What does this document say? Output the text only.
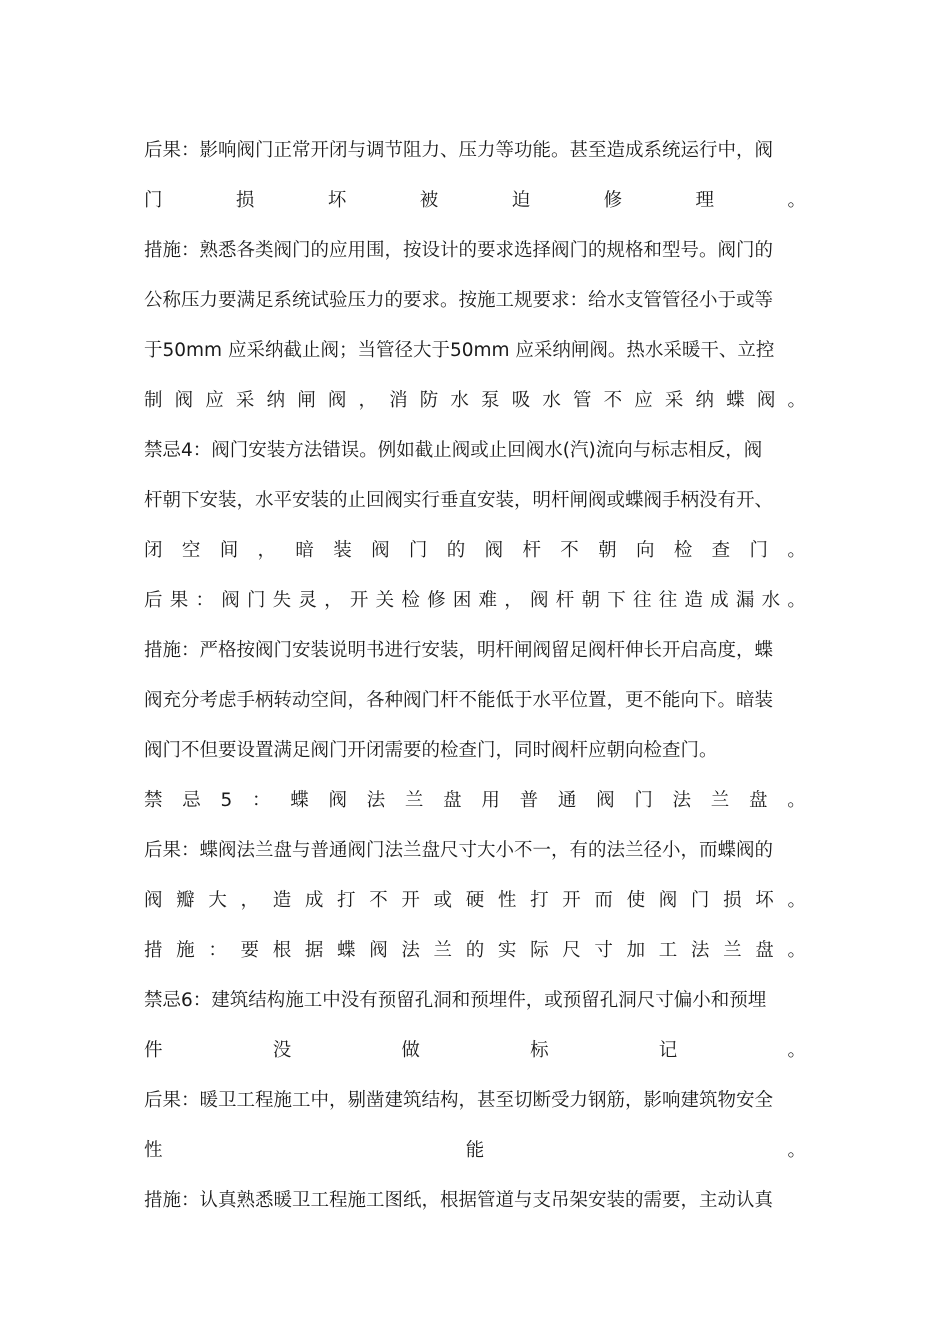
后果：影响阀门正常开闭与调节阻力、压力等功能。甚至造成系统运行中，阀
门	损	坏	被	迫	修	理	。
措施：熟悉各类阀门的应用围，按设计的要求选择阀门的规格和型号。阀门的
公称压力要满足系统试验压力的要求。按施工规要求：给水支管管径小于或等
于50mm 应采纳截止阀；当管径大于50mm 应采纳闸阀。热水采暖干、立控
制 阀 应 采 纳 闸 阀 ， 消 防 水 泵 吸 水 管 不 应 采 纳 蝶 阀 。
禁忌4：阀门安装方法错误。例如截止阀或止回阀水(汽)流向与标志相反，阀
杆朝下安装，水平安装的止回阀实行垂直安装，明杆闸阀或蝶阀手柄没有开、
闭 空 间 ， 暗 装 阀 门 的 阀 杆 不 朝 向 检 查 门 。
后 果 ： 阀 门 失 灵 ， 开 关 检 修 困 难 ， 阀 杆 朝 下 往 往 造 成 漏 水 。
措施：严格按阀门安装说明书进行安装，明杆闸阀留足阀杆伸长开启高度，蝶
阀充分考虑手柄转动空间，各种阀门杆不能低于水平位置，更不能向下。暗装
阀门不但要设置满足阀门开闭需要的检查门，同时阀杆应朝向检查门。
禁 忌 5 ： 蝶 阀 法 兰 盘 用 普 通 阀 门 法 兰 盘 。
后果：蝶阀法兰盘与普通阀门法兰盘尺寸大小不一，有的法兰径小，而蝶阀的
阀 瓣 大 ， 造 成 打 不 开 或 硬 性 打 开 而 使 阀 门 损 坏 。
措 施 ： 要 根 据 蝶 阀 法 兰 的 实 际 尺 寸 加 工 法 兰 盘 。
禁忌6：建筑结构施工中没有预留孔洞和预埋件，或预留孔洞尺寸偏小和预埋
件	没	做	标	记	。
后果：暖卫工程施工中，剔凿建筑结构，甚至切断受力钢筋，影响建筑物安全
性	能	。
措施：认真熟悉暖卫工程施工图纸，根据管道与支吊架安装的需要，主动认真
